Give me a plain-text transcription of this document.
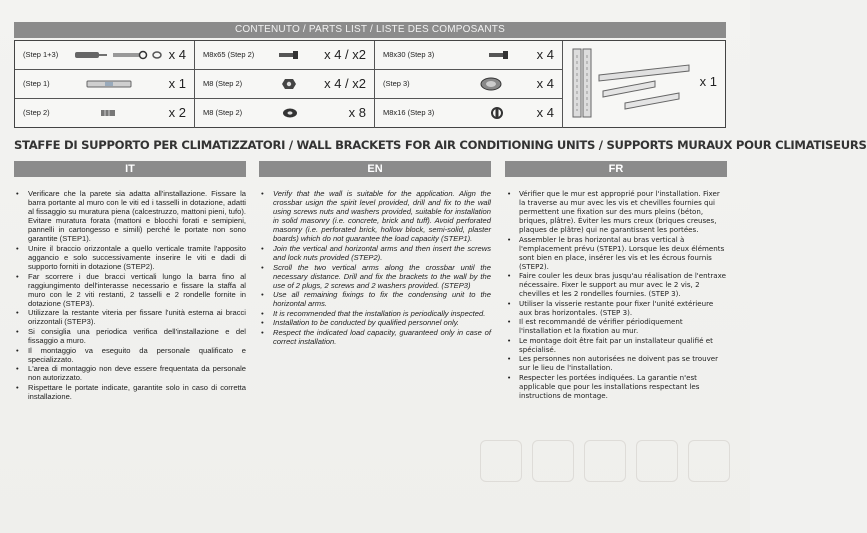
CONTENUTO / PARTS LIST / LISTE DES COMPOSANTS
(Step 1+3)	x 4 M8x65 (Step 2)	x 4 / x2 M8x30 (Step 3)	x 4
(Step 1)	x 1 M8 (Step 2)	x 4 / x2 (Step 3)	x 4
(Step 2)	x 2 M8 (Step 2)	x 8 M8x16 (Step 3)	x 4
x 1
STAFFE DI SUPPORTO PER CLIMATIZZATORI / WALL BRACKETS FOR AIR CONDITIONING UNITS / SUPPORTS MURAUX POUR CLIMATISEURS
IT
• Verificare che la parete sia adatta all'installazione. Fissare la barra portante al muro con le viti ed i tasselli in dotazione, adatti al fissaggio su muratura piena (calcestruzzo, mattoni pieni, tufo). Evitare muratura forata (mattoni e blocchi forati e semipieni, pannelli in cartongesso e simili) perché le portate non sono garantite (STEP1).
• Unire il braccio orizzontale a quello verticale tramite l'apposito aggancio e solo successivamente inserire le viti e dadi di supporto forniti in dotazione (STEP2).
• Far scorrere i due bracci verticali lungo la barra fino al raggiungimento dell'interasse necessario e fissare la staffa al muro con le 2 viti restanti, 2 tasselli e 2 rondelle fornite in dotazione (STEP3).
• Utilizzare la restante viteria per fissare l'unità esterna ai bracci orizzontali (STEP3).
• Si consiglia una periodica verifica dell'installazione e del fissaggio a muro.
• Il montaggio va eseguito da personale qualificato e specializzato.
• L'area di montaggio non deve essere frequentata da personale non autorizzato.
• Rispettare le portate indicate, garantite solo in caso di corretta installazione.
EN
• Verify that the wall is suitable for the application. Align the crossbar usign the spirit level provided, drill and fix to the wall using screws nuts and washers provided, suitable for installation in solid masonry (i.e. concrete, brick and tuff). Avoid perforated masonry (i.e. perforated brick, hollow block, semi-solid, plaster boards) which do not guarantee the load capacity (STEP1).
• Join the vertical and horizontal arms and then insert the screws and lock nuts provided (STEP2).
• Scroll the two vertical arms along the crossbar until the necessary distance. Drill and fix the brackets to the wall by the use of 2 plugs, 2 screws and 2 washers provided. (STEP3)
• Use all remaining fixings to fix the condensing unit to the horizontal arms.
• It is recommended that the installation is periodically inspected.
• Installation to be conducted by qualified personnel only.
• Respect the indicated load capacity, guaranteed only in case of correct installation.
FR
• Vérifier que le mur est approprié pour l'installation. Fixer la traverse au mur avec les vis et chevilles fournies qui permettent une fixation sur des murs pleins (béton, briques, plâtre). Éviter les murs creux (briques creuses, plaques de plâtre) qui ne garantissent les portées.
• Assembler le bras horizontal au bras vertical à l'emplacement prévu (STEP1). Lorsque les deux éléments sont bien en place, insérer les vis et les écrous fournis (STEP2).
• Faire couler les deux bras jusqu'au réalisation de l'entraxe nécessaire. Fixer le support au mur avec le 2 vis, 2 chevilles et les 2 rondelles fournies. (STEP 3).
• Utiliser la visserie restante pour fixer l'unité extérieure aux bras horizontales. (STEP 3).
• Il est recommandé de vérifier périodiquement l'installation et la fixation au mur.
• Le montage doit être fait par un installateur qualifié et spécialisé.
• Les personnes non autorisées ne doivent pas se trouver sur le lieu de l'installation.
• Respecter les portées indiquées. La garantie n'est applicable que pour les installations respectant les instructions de montage.
